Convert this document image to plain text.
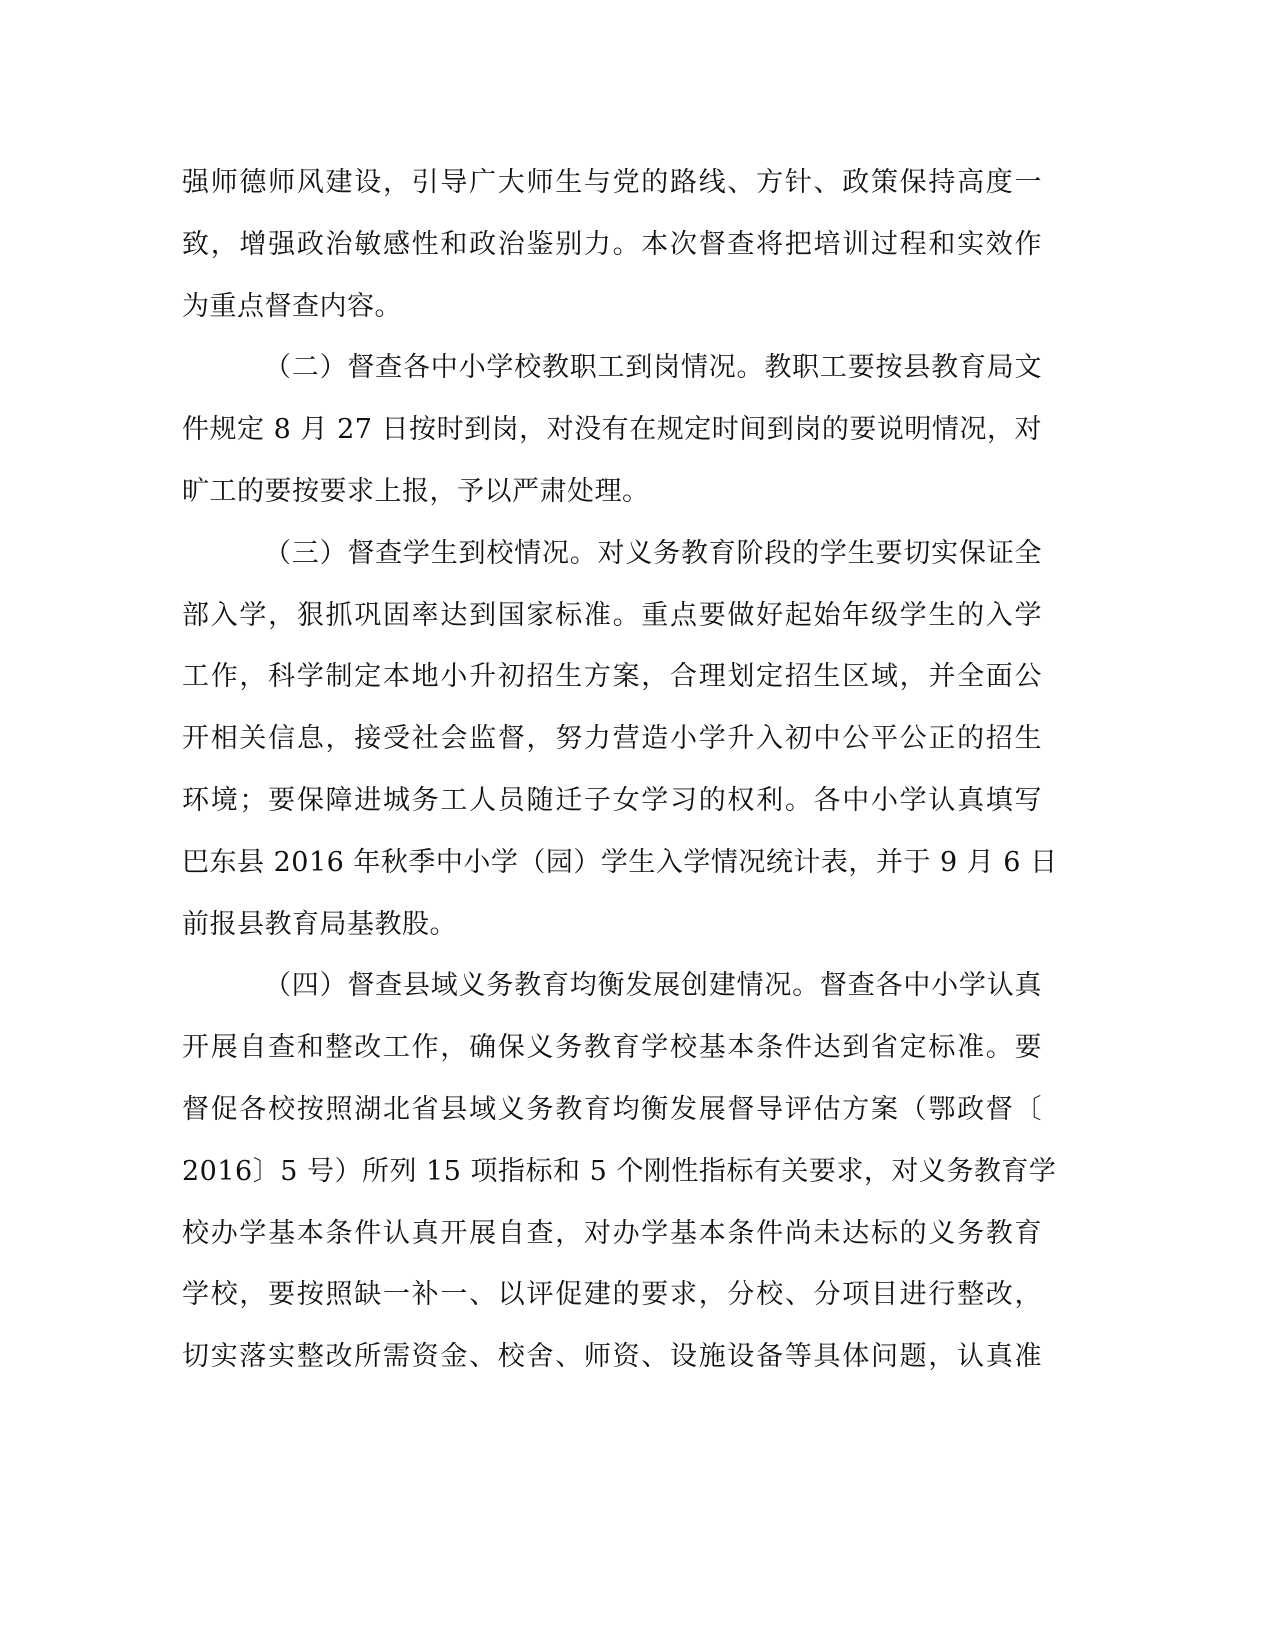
强师德师风建设，引导广大师生与党的路线、方针、政策保持高度一
致，增强政治敏感性和政治鉴别力。本次督查将把培训过程和实效作
为重点督查内容。
（二）督查各中小学校教职工到岗情况。教职工要按县教育局文
件规定 8 月 27 日按时到岗，对没有在规定时间到岗的要说明情况，对
旷工的要按要求上报，予以严肃处理。
（三）督查学生到校情况。对义务教育阶段的学生要切实保证全
部入学，狠抓巩固率达到国家标准。重点要做好起始年级学生的入学
工作，科学制定本地小升初招生方案，合理划定招生区域，并全面公
开相关信息，接受社会监督，努力营造小学升入初中公平公正的招生
环境；要保障进城务工人员随迁子女学习的权利。各中小学认真填写
巴东县 2016 年秋季中小学（园）学生入学情况统计表，并于 9 月 6 日
前报县教育局基教股。
（四）督查县域义务教育均衡发展创建情况。督查各中小学认真
开展自查和整改工作，确保义务教育学校基本条件达到省定标准。要
督促各校按照湖北省县域义务教育均衡发展督导评估方案（鄂政督〔
2016〕5 号）所列 15 项指标和 5 个刚性指标有关要求，对义务教育学
校办学基本条件认真开展自查，对办学基本条件尚未达标的义务教育
学校，要按照缺一补一、以评促建的要求，分校、分项目进行整改，
切实落实整改所需资金、校舍、师资、设施设备等具体问题，认真准
